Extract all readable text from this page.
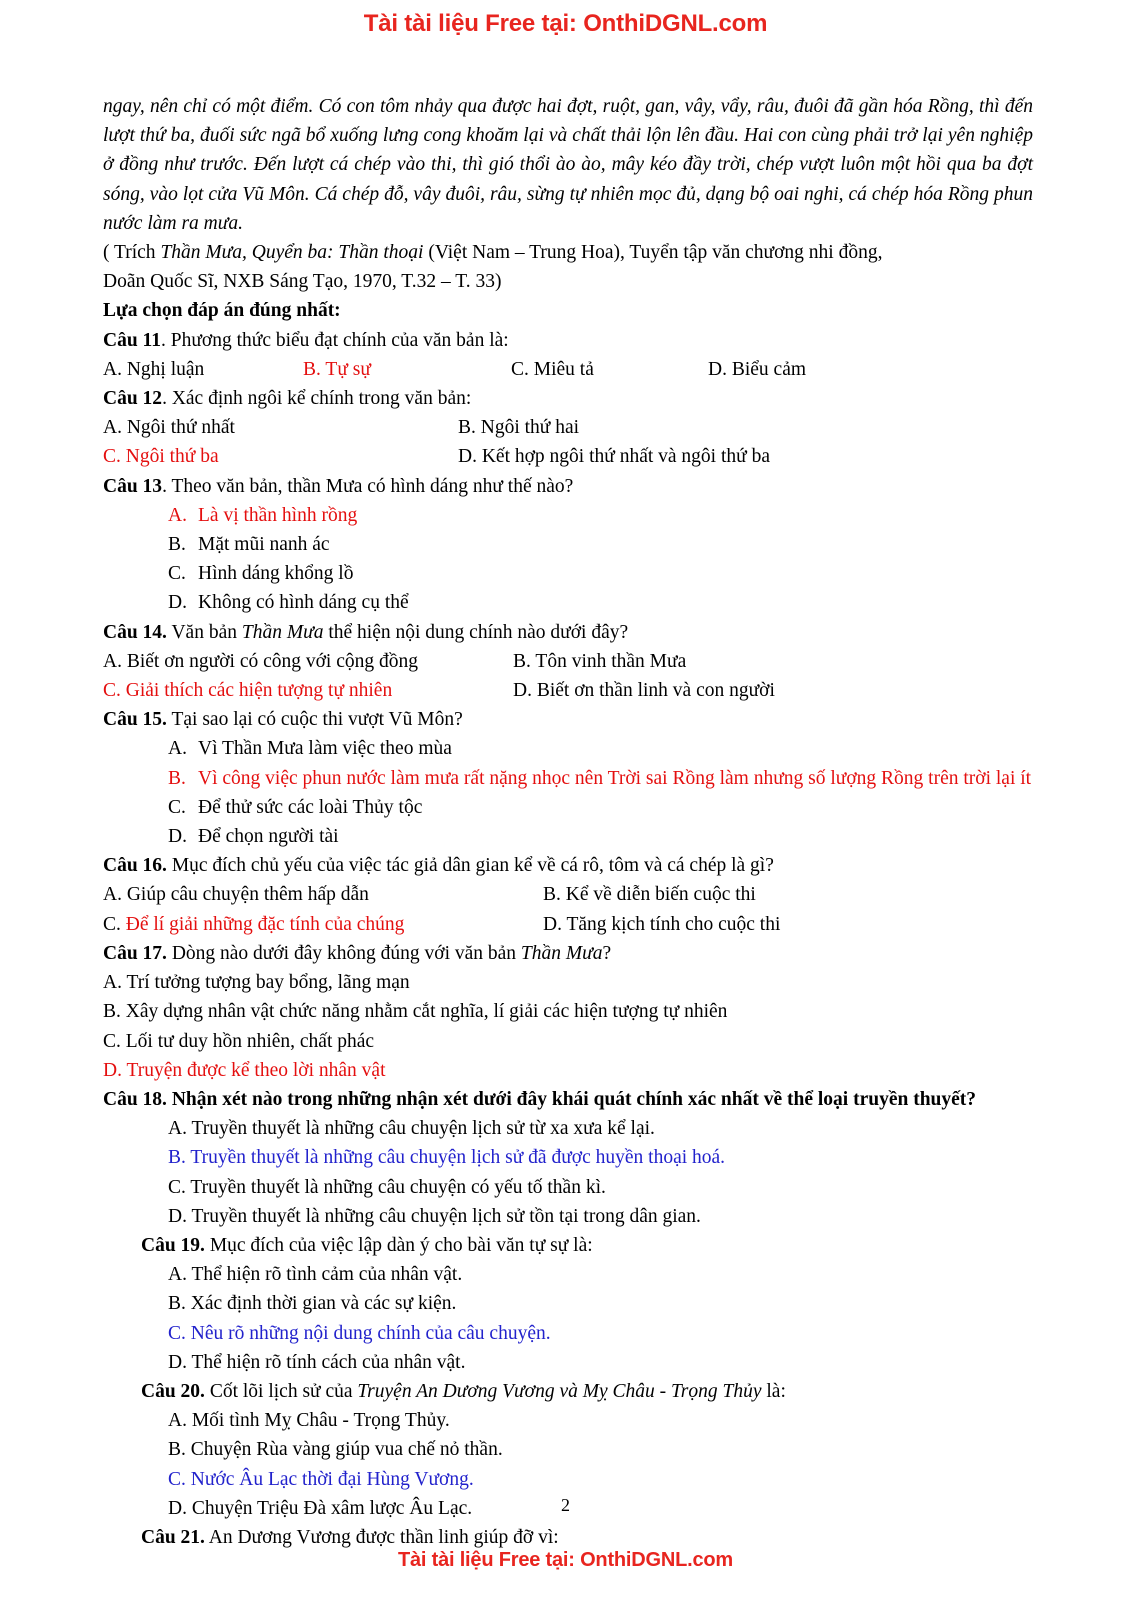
Tài tài liệu Free tại: OnthiDGNL.com

ngay, nên chỉ có một điểm. Có con tôm nhảy qua được hai đợt, ruột, gan, vây, vẩy, râu, đuôi đã gần hóa Rồng, thì đến lượt thứ ba, đuối sức ngã bổ xuống lưng cong khoăm lại và chất thải lộn lên đầu. Hai con cùng phải trở lại yên nghiệp ở đồng như trước. Đến lượt cá chép vào thi, thì gió thổi ào ào, mây kéo đầy trời, chép vượt luôn một hồi qua ba đợt sóng, vào lọt cửa Vũ Môn. Cá chép đỗ, vây đuôi, râu, sừng tự nhiên mọc đủ, dạng bộ oai nghi, cá chép hóa Rồng phun nước làm ra mưa.

( Trích Thần Mưa, Quyển ba: Thần thoại (Việt Nam – Trung Hoa), Tuyển tập văn chương nhi đồng,
Doãn Quốc Sĩ, NXB Sáng Tạo, 1970, T.32 – T. 33)
Lựa chọn đáp án đúng nhất:
Câu 11. Phương thức biểu đạt chính của văn bản là:
A. Nghị luận	B. Tự sự	C. Miêu tả	D. Biểu cảm
Câu 12. Xác định ngôi kể chính trong văn bản:
A. Ngôi thứ nhất	B. Ngôi thứ hai
C. Ngôi thứ ba	D. Kết hợp ngôi thứ nhất và ngôi thứ ba
Câu 13. Theo văn bản, thần Mưa có hình dáng như thế nào?
A. Là vị thần hình rồng
B. Mặt mũi nanh ác
C. Hình dáng khổng lồ
D. Không có hình dáng cụ thể
Câu 14. Văn bản Thần Mưa thể hiện nội dung chính nào dưới đây?
A. Biết ơn người có công với cộng đồng	B. Tôn vinh thần Mưa
C. Giải thích các hiện tượng tự nhiên	D. Biết ơn thần linh và con người
Câu 15. Tại sao lại có cuộc thi vượt Vũ Môn?
A. Vì Thần Mưa làm việc theo mùa
B. Vì công việc phun nước làm mưa rất nặng nhọc nên Trời sai Rồng làm nhưng số lượng Rồng trên trời lại ít
C. Để thử sức các loài Thủy tộc
D. Để chọn người tài
Câu 16. Mục đích chủ yếu của việc tác giả dân gian kể về cá rô, tôm và cá chép là gì?
A. Giúp câu chuyện thêm hấp dẫn	B. Kể về diễn biến cuộc thi
C. Để lí giải những đặc tính của chúng	D. Tăng kịch tính cho cuộc thi
Câu 17. Dòng nào dưới đây không đúng với văn bản Thần Mưa?
A. Trí tưởng tượng bay bổng, lãng mạn
B. Xây dựng nhân vật chức năng nhằm cắt nghĩa, lí giải các hiện tượng tự nhiên
C. Lối tư duy hồn nhiên, chất phác
D. Truyện được kể theo lời nhân vật
Câu 18. Nhận xét nào trong những nhận xét dưới đây khái quát chính xác nhất về thể loại truyền thuyết?
A. Truyền thuyết là những câu chuyện lịch sử từ xa xưa kể lại.
B. Truyền thuyết là những câu chuyện lịch sử đã được huyền thoại hoá.
C. Truyền thuyết là những câu chuyện có yếu tố thần kì.
D. Truyền thuyết là những câu chuyện lịch sử tồn tại trong dân gian.
Câu 19. Mục đích của việc lập dàn ý cho bài văn tự sự là:
A. Thể hiện rõ tình cảm của nhân vật.
B. Xác định thời gian và các sự kiện.
C. Nêu rõ những nội dung chính của câu chuyện.
D. Thể hiện rõ tính cách của nhân vật.
Câu 20. Cốt lõi lịch sử của Truyện An Dương Vương và Mỵ Châu - Trọng Thủy là:
A. Mối tình Mỵ Châu - Trọng Thủy.
B. Chuyện Rùa vàng giúp vua chế nỏ thần.
C. Nước Âu Lạc thời đại Hùng Vương.
D. Chuyện Triệu Đà xâm lược Âu Lạc.
Câu 21. An Dương Vương được thần linh giúp đỡ vì:
2
Tài tài liệu Free tại: OnthiDGNL.com
